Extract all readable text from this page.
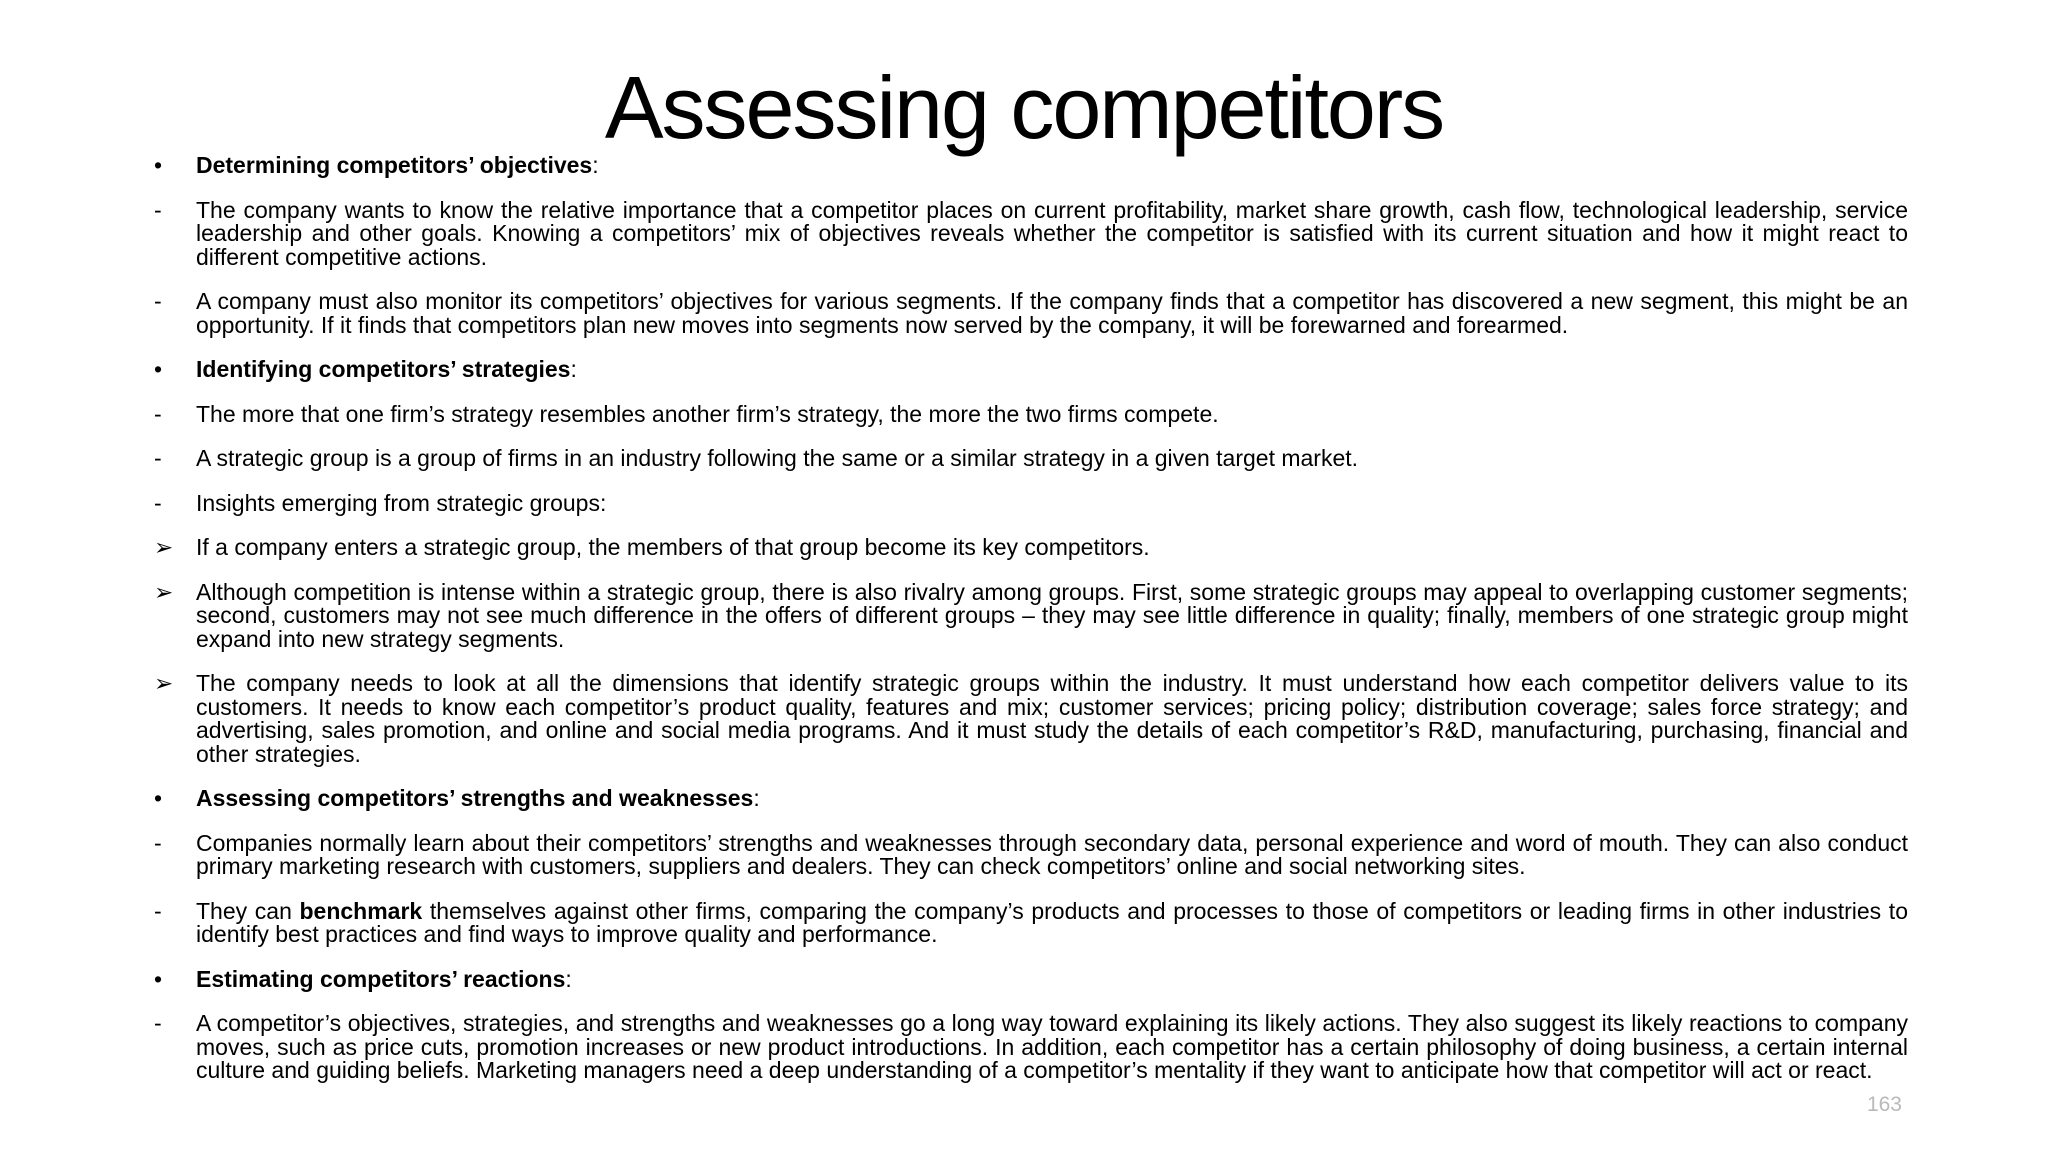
Assessing competitors
•	Determining competitors’ objectives:
-	The company wants to know the relative importance that a competitor places on current profitability, market share growth, cash flow, technological leadership, service leadership and other goals. Knowing a competitors’ mix of objectives reveals whether the competitor is satisfied with its current situation and how it might react to different competitive actions.
-	A company must also monitor its competitors’ objectives for various segments. If the company finds that a competitor has discovered a new segment, this might be an opportunity. If it finds that competitors plan new moves into segments now served by the company, it will be forewarned and forearmed.
•	Identifying competitors’ strategies:
-	The more that one firm’s strategy resembles another firm’s strategy, the more the two firms compete.
-	A strategic group is a group of firms in an industry following the same or a similar strategy in a given target market.
-	Insights emerging from strategic groups:
➢ If a company enters a strategic group, the members of that group become its key competitors.
➢ Although competition is intense within a strategic group, there is also rivalry among groups. First, some strategic groups may appeal to overlapping customer segments; second, customers may not see much difference in the offers of different groups – they may see little difference in quality; finally, members of one strategic group might expand into new strategy segments.
➢ The company needs to look at all the dimensions that identify strategic groups within the industry. It must understand how each competitor delivers value to its customers. It needs to know each competitor’s product quality, features and mix; customer services; pricing policy; distribution coverage; sales force strategy; and advertising, sales promotion, and online and social media programs. And it must study the details of each competitor’s R&D, manufacturing, purchasing, financial and other strategies.
•	Assessing competitors’ strengths and weaknesses:
-	Companies normally learn about their competitors’ strengths and weaknesses through secondary data, personal experience and word of mouth. They can also conduct primary marketing research with customers, suppliers and dealers. They can check competitors’ online and social networking sites.
-	They can benchmark themselves against other firms, comparing the company’s products and processes to those of competitors or leading firms in other industries to identify best practices and find ways to improve quality and performance.
•	Estimating competitors’ reactions:
-	A competitor’s objectives, strategies, and strengths and weaknesses go a long way toward explaining its likely actions. They also suggest its likely reactions to company moves, such as price cuts, promotion increases or new product introductions. In addition, each competitor has a certain philosophy of doing business, a certain internal culture and guiding beliefs. Marketing managers need a deep understanding of a competitor’s mentality if they want to anticipate how that competitor will act or react.
163
